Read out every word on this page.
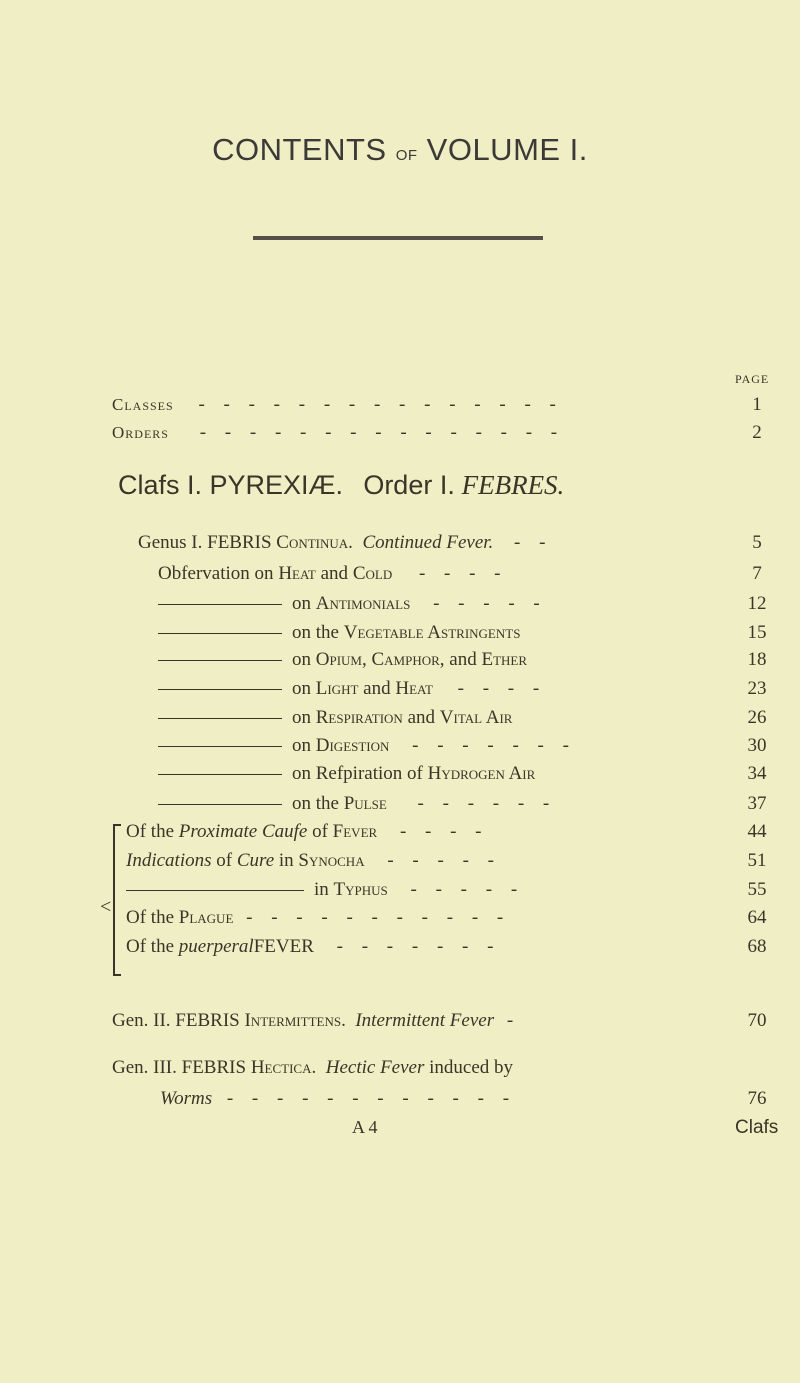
CONTENTS of VOLUME I.
PAGE
Classes - - - - - - - - - - - - - - -	1
Orders - - - - - - - - - - - - - - -	2
Clafs I. PYREXIÆ. Order I. FEBRES.
Genus I. FEBRIS Continua. Continued Fever. - -	5
Obfervation on Heat and Cold - - - -	7
on Antimonials - - - - -	12
on the Vegetable Astringents	15
on Opium, Camphor, and Ether	18
on Light and Heat - - - -	23
on Respiration and Vital Air	26
on Digestion - - - - - - -	30
on Refpiration of Hydrogen Air	34
on the Pulse - - - - - -	37
<
Of the Proximate Caufe of Fever - - - -	44
Indications of Cure in Synocha - - - - -	51
in Typhus - - - - -	55
Of the Plague - - - - - - - - - - -	64
Of the puerperalFEVER - - - - - - -	68
Gen. II. FEBRIS Intermittens. Intermittent Fever -	70
Gen. III. FEBRIS Hectica. Hectic Fever induced by
Worms - - - - - - - - - - - -	76
A 4	Clafs
